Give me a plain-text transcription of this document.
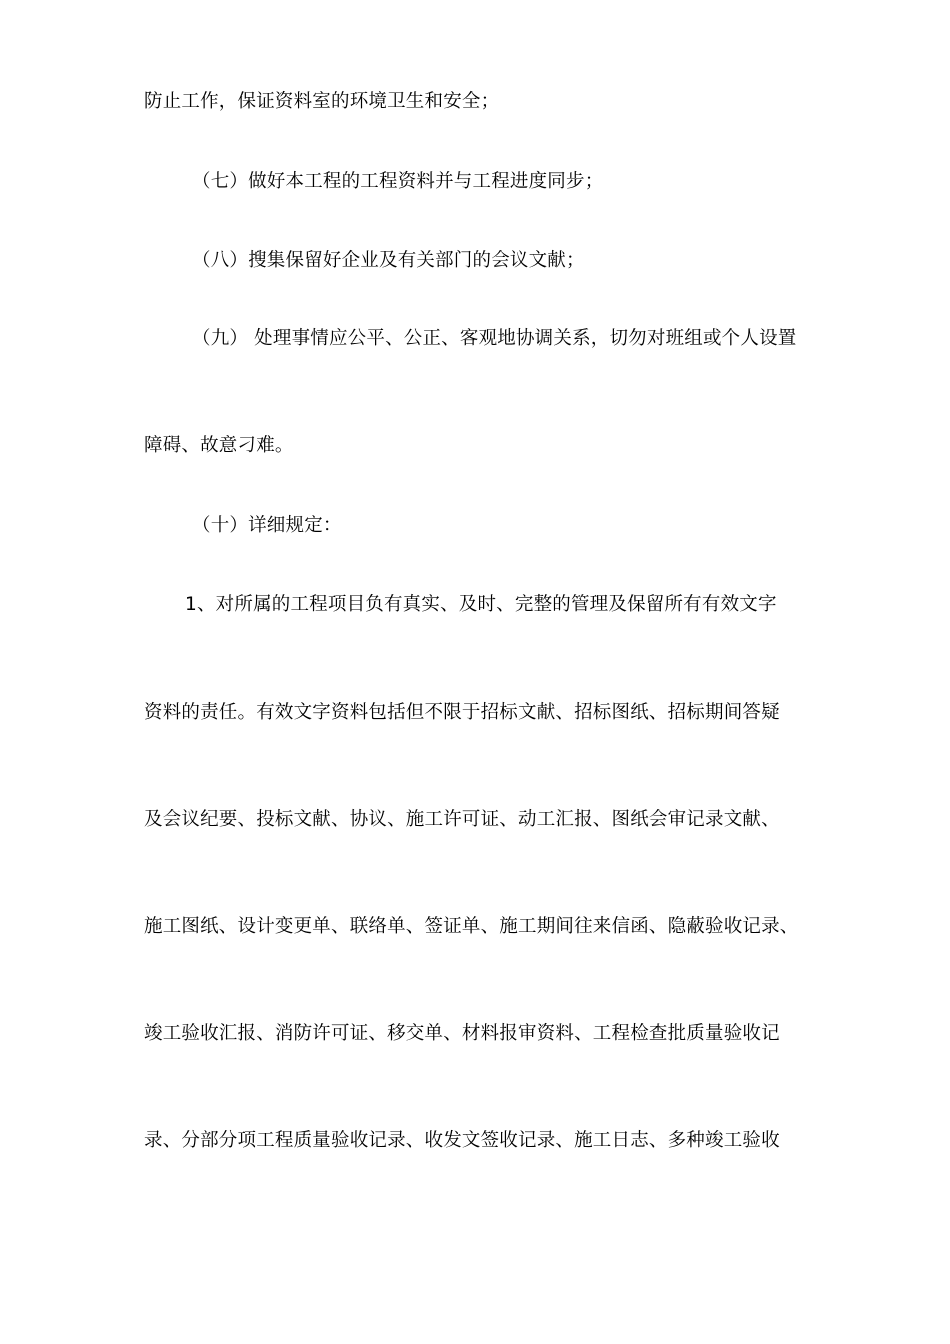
防止工作，保证资料室的环境卫生和安全；
（七）做好本工程的工程资料并与工程进度同步；
（八）搜集保留好企业及有关部门的会议文献；
（九） 处理事情应公平、公正、客观地协调关系，切勿对班组或个人设置
障碍、故意刁难。
（十）详细规定：
1、对所属的工程项目负有真实、及时、完整的管理及保留所有有效文字
资料的责任。有效文字资料包括但不限于招标文献、招标图纸、招标期间答疑
及会议纪要、投标文献、协议、施工许可证、动工汇报、图纸会审记录文献、
施工图纸、设计变更单、联络单、签证单、施工期间往来信函、隐蔽验收记录、
竣工验收汇报、消防许可证、移交单、材料报审资料、工程检查批质量验收记
录、分部分项工程质量验收记录、收发文签收记录、施工日志、多种竣工验收
